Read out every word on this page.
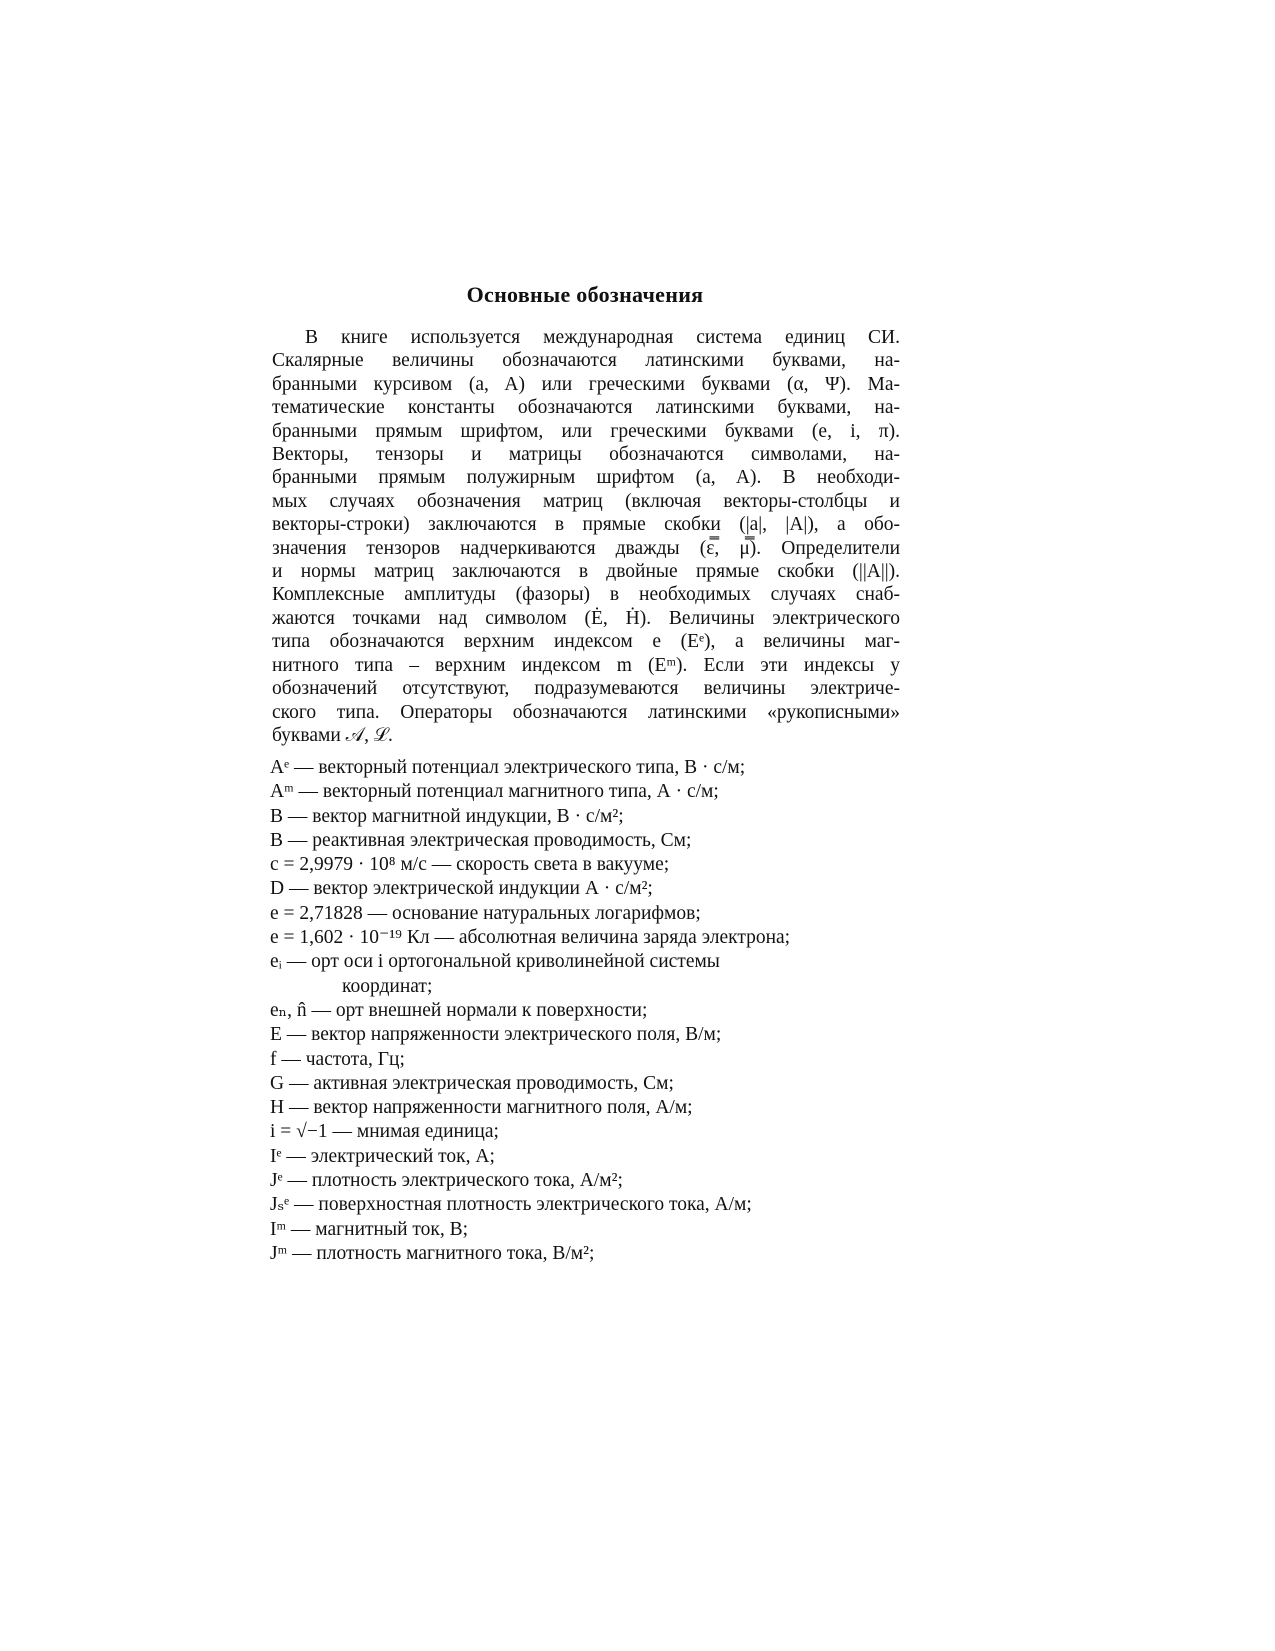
Основные обозначения
В книге используется международная система единиц СИ.
Скалярные величины обозначаются латинскими буквами, на-
бранными курсивом (a, A) или греческими буквами (α, Ψ). Ма-
тематические константы обозначаются латинскими буквами, на-
бранными прямым шрифтом, или греческими буквами (e, i, π).
Векторы, тензоры и матрицы обозначаются символами, на-
бранными прямым полужирным шрифтом (a, A). В необходи-
мых случаях обозначения матриц (включая векторы-столбцы и
векторы-строки) заключаются в прямые скобки (|a|, |A|), а обо-
значения тензоров надчеркиваются дважды (ε̿, μ̿). Определители
и нормы матриц заключаются в двойные прямые скобки (||A||).
Комплексные амплитуды (фазоры) в необходимых случаях снаб-
жаются точками над символом (Ė, Ḣ). Величины электрического
типа обозначаются верхним индексом e (Eᵉ), а величины маг-
нитного типа – верхним индексом m (Eᵐ). Если эти индексы у
обозначений отсутствуют, подразумеваются величины электриче-
ского типа. Операторы обозначаются латинскими «рукописными»
буквами 𝒜, ℒ.
Aᵉ — векторный потенциал электрического типа, В · с/м;
Aᵐ — векторный потенциал магнитного типа, А · с/м;
B — вектор магнитной индукции, В · с/м²;
B — реактивная электрическая проводимость, См;
c = 2,9979 · 10⁸ м/с — скорость света в вакууме;
D — вектор электрической индукции А · с/м²;
e = 2,71828 — основание натуральных логарифмов;
e = 1,602 · 10⁻¹⁹ Кл — абсолютная величина заряда электрона;
eᵢ — орт оси i ортогональной криволинейной системы
координат;
eₙ, n̂ — орт внешней нормали к поверхности;
E — вектор напряженности электрического поля, В/м;
f — частота, Гц;
G — активная электрическая проводимость, См;
H — вектор напряженности магнитного поля, А/м;
i = √−1 — мнимая единица;
Iᵉ — электрический ток, А;
Jᵉ — плотность электрического тока, А/м²;
Jₛᵉ — поверхностная плотность электрического тока, А/м;
Iᵐ — магнитный ток, В;
Jᵐ — плотность магнитного тока, В/м²;
